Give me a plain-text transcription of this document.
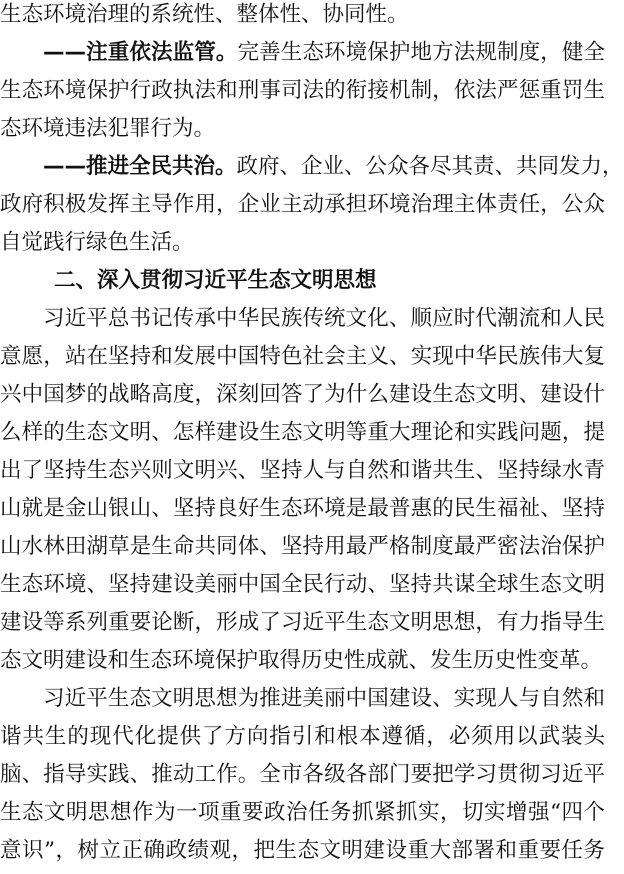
生态环境治理的系统性、整体性、协同性。
——注重依法监管。完善生态环境保护地方法规制度，健全
生态环境保护行政执法和刑事司法的衔接机制，依法严惩重罚生
态环境违法犯罪行为。
——推进全民共治。政府、企业、公众各尽其责、共同发力，
政府积极发挥主导作用，企业主动承担环境治理主体责任，公众
自觉践行绿色生活。
二、深入贯彻习近平生态文明思想
习近平总书记传承中华民族传统文化、顺应时代潮流和人民
意愿，站在坚持和发展中国特色社会主义、实现中华民族伟大复
兴中国梦的战略高度，深刻回答了为什么建设生态文明、建设什
么样的生态文明、怎样建设生态文明等重大理论和实践问题，提
出了坚持生态兴则文明兴、坚持人与自然和谐共生、坚持绿水青
山就是金山银山、坚持良好生态环境是最普惠的民生福祉、坚持
山水林田湖草是生命共同体、坚持用最严格制度最严密法治保护
生态环境、坚持建设美丽中国全民行动、坚持共谋全球生态文明
建设等系列重要论断，形成了习近平生态文明思想，有力指导生
态文明建设和生态环境保护取得历史性成就、发生历史性变革。
习近平生态文明思想为推进美丽中国建设、实现人与自然和
谐共生的现代化提供了方向指引和根本遵循，必须用以武装头
脑、指导实践、推动工作。全市各级各部门要把学习贯彻习近平
生态文明思想作为一项重要政治任务抓紧抓实，切实增强“四个
意识”，树立正确政绩观，把生态文明建设重大部署和重要任务
